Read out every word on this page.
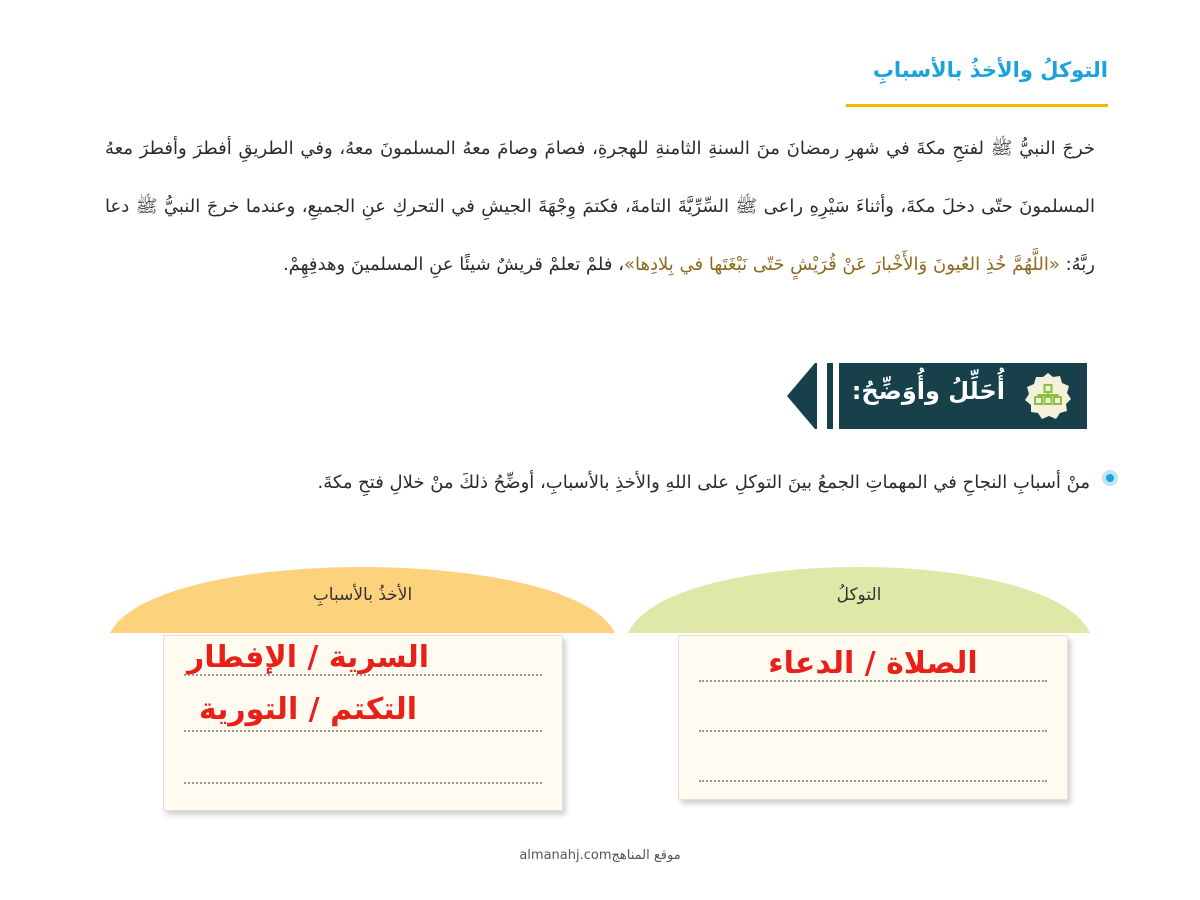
التوكلُ والأخذُ بالأسبابِ
خرجَ النبيُّ ﷺ لفتحِ مكةَ في شهرِ رمضانَ منَ السنةِ الثامنةِ للهجرةِ، فصامَ وصامَ معهُ المسلمونَ معهُ، وفي الطريقِ أفطرَ وأفطرَ معهُ المسلمونَ حتّى دخلَ مكةَ، وأثناءَ سَيْرِهِ راعى ﷺ السِّرِّيَّةَ التامةَ، فكتمَ وِجْهَةَ الجيشِ في التحركِ عنِ الجميعِ، وعندما خرجَ النبيُّ ﷺ دعا ربَّهُ: «اللَّهُمَّ خُذِ العُيونَ وَالأَخْبارَ عَنْ قُرَيْشٍ حَتّى نَبْغَتَها في بِلادِها»، فلمْ تعلمْ قريشٌ شيئًا عنِ المسلمينَ وهدفِهِمْ.
أُحَلِّلُ وأُوَضِّحُ:
منْ أسبابِ النجاحِ في المهماتِ الجمعُ بينَ التوكلِ على اللهِ والأخذِ بالأسبابِ، أوضِّحُ ذلكَ منْ خلالِ فتحِ مكةَ.
التوكلُ
الصلاة / الدعاء
الأخذُ بالأسبابِ
السرية / الإفطار
التكتم / التورية
almanahj.comموقع المناهج
